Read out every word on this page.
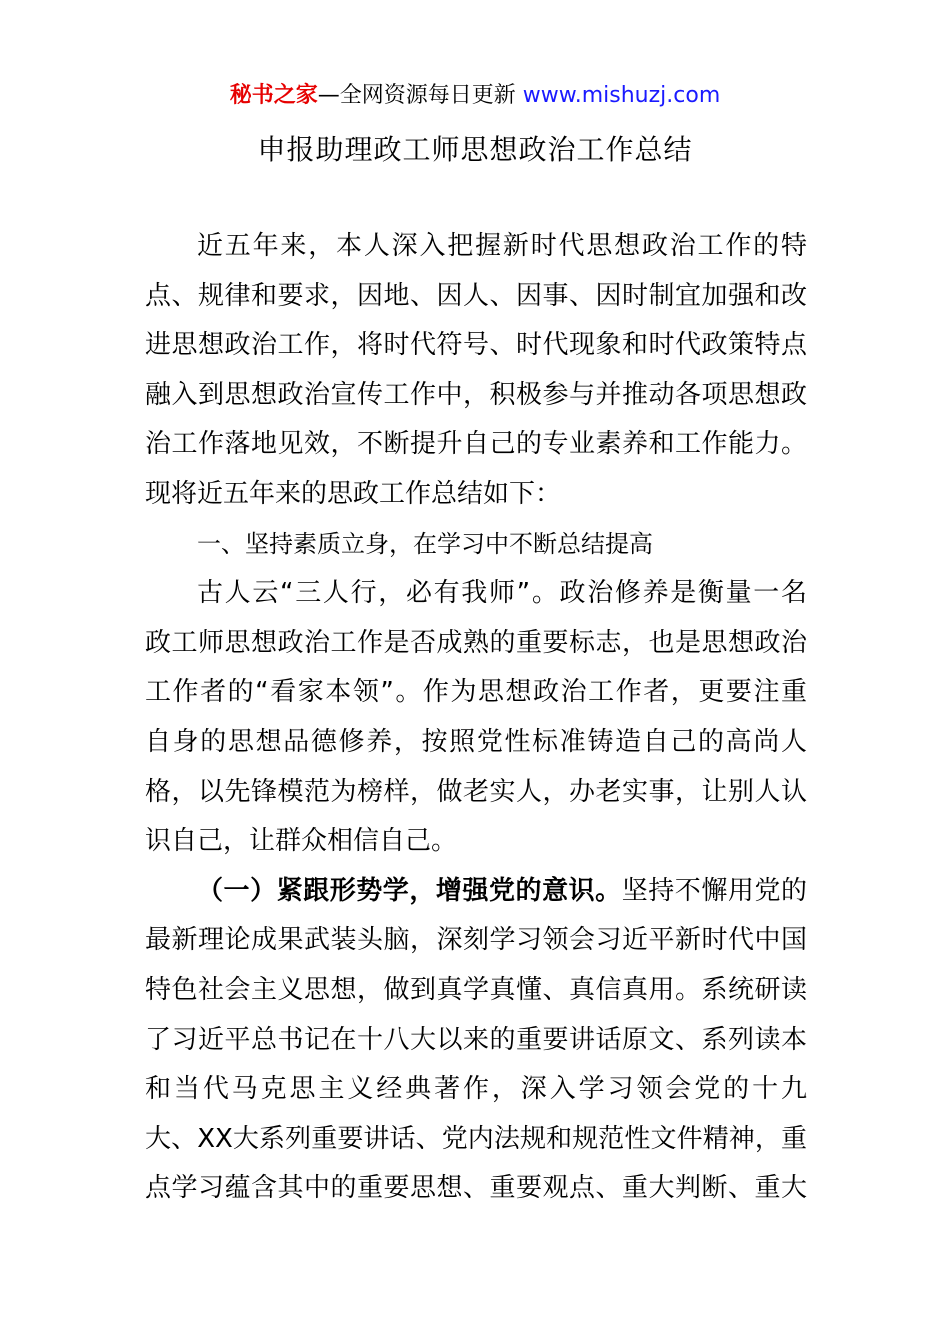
秘书之家—全网资源每日更新 www.mishuzj.com
申报助理政工师思想政治工作总结
近五年来，本人深入把握新时代思想政治工作的特
点、规律和要求，因地、因人、因事、因时制宜加强和改
进思想政治工作，将时代符号、时代现象和时代政策特点
融入到思想政治宣传工作中，积极参与并推动各项思想政
治工作落地见效，不断提升自己的专业素养和工作能力。
现将近五年来的思政工作总结如下：
一、坚持素质立身，在学习中不断总结提高
古人云“三人行，必有我师”。政治修养是衡量一名
政工师思想政治工作是否成熟的重要标志，也是思想政治
工作者的“看家本领”。作为思想政治工作者，更要注重
自身的思想品德修养，按照党性标准铸造自己的高尚人
格，以先锋模范为榜样，做老实人，办老实事，让别人认
识自己，让群众相信自己。
（一）紧跟形势学，增强党的意识。坚持不懈用党的
最新理论成果武装头脑，深刻学习领会习近平新时代中国
特色社会主义思想，做到真学真懂、真信真用。系统研读
了习近平总书记在十八大以来的重要讲话原文、系列读本
和当代马克思主义经典著作，深入学习领会党的十九
大、XX大系列重要讲话、党内法规和规范性文件精神，重
点学习蕴含其中的重要思想、重要观点、重大判断、重大
